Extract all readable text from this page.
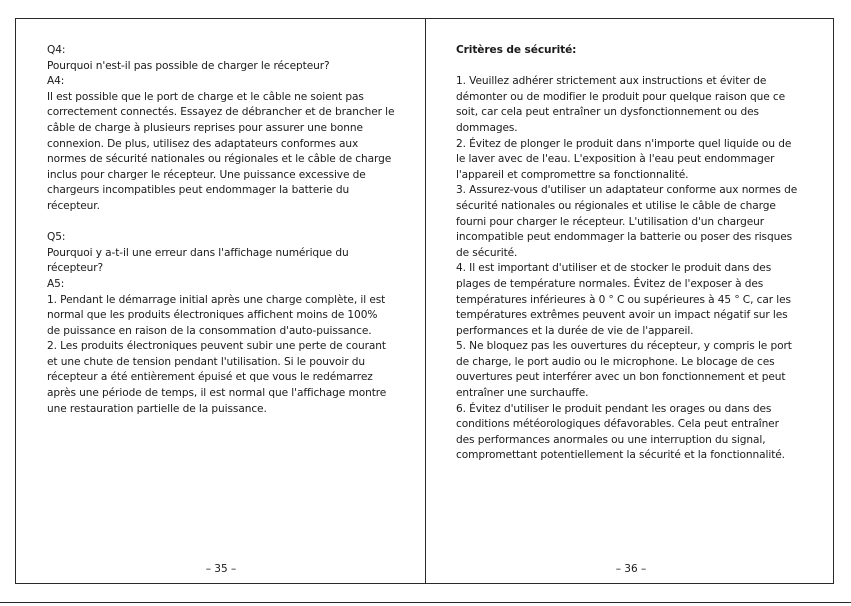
Q4:
Pourquoi n'est-il pas possible de charger le récepteur?
A4:
Il est possible que le port de charge et le câble ne soient pas
correctement connectés. Essayez de débrancher et de brancher le
câble de charge à plusieurs reprises pour assurer une bonne
connexion. De plus, utilisez des adaptateurs conformes aux
normes de sécurité nationales ou régionales et le câble de charge
inclus pour charger le récepteur. Une puissance excessive de
chargeurs incompatibles peut endommager la batterie du
récepteur.
Q5:
Pourquoi y a-t-il une erreur dans l'affichage numérique du
récepteur?
A5:
1. Pendant le démarrage initial après une charge complète, il est
normal que les produits électroniques affichent moins de 100%
de puissance en raison de la consommation d'auto-puissance.
2. Les produits électroniques peuvent subir une perte de courant
et une chute de tension pendant l'utilisation. Si le pouvoir du
récepteur a été entièrement épuisé et que vous le redémarrez
après une période de temps, il est normal que l'affichage montre
une restauration partielle de la puissance.
– 35 –
Critères de sécurité:
1. Veuillez adhérer strictement aux instructions et éviter de
démonter ou de modifier le produit pour quelque raison que ce
soit, car cela peut entraîner un dysfonctionnement ou des
dommages.
2. Évitez de plonger le produit dans n'importe quel liquide ou de
le laver avec de l'eau. L'exposition à l'eau peut endommager
l'appareil et compromettre sa fonctionnalité.
3. Assurez-vous d'utiliser un adaptateur conforme aux normes de
sécurité nationales ou régionales et utilise le câble de charge
fourni pour charger le récepteur. L'utilisation d'un chargeur
incompatible peut endommager la batterie ou poser des risques
de sécurité.
4. Il est important d'utiliser et de stocker le produit dans des
plages de température normales. Évitez de l'exposer à des
températures inférieures à 0 ° C ou supérieures à 45 ° C, car les
températures extrêmes peuvent avoir un impact négatif sur les
performances et la durée de vie de l'appareil.
5. Ne bloquez pas les ouvertures du récepteur, y compris le port
de charge, le port audio ou le microphone. Le blocage de ces
ouvertures peut interférer avec un bon fonctionnement et peut
entraîner une surchauffe.
6. Évitez d'utiliser le produit pendant les orages ou dans des
conditions météorologiques défavorables. Cela peut entraîner
des performances anormales ou une interruption du signal,
compromettant potentiellement la sécurité et la fonctionnalité.
– 36 –
